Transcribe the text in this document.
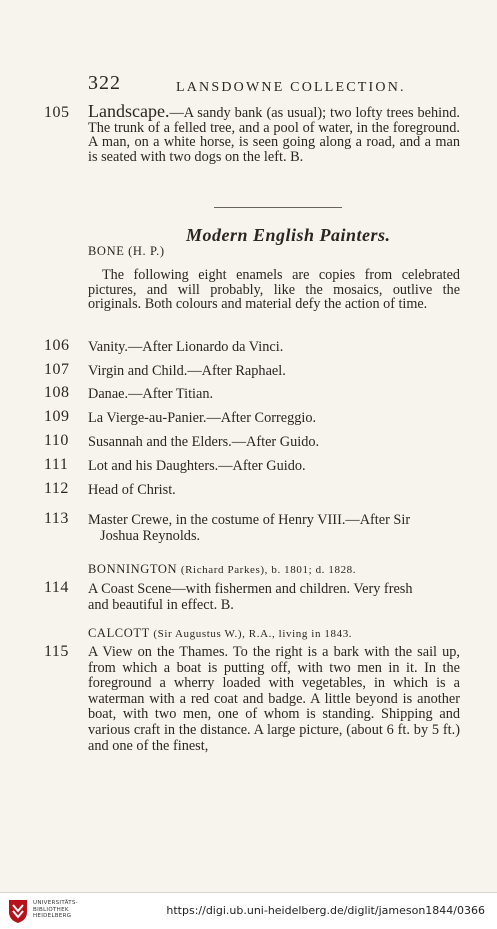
322	LANSDOWNE COLLECTION.
105 Landscape.—A sandy bank (as usual); two lofty trees behind. The trunk of a felled tree, and a pool of water, in the foreground. A man, on a white horse, is seen going along a road, and a man is seated with two dogs on the left. B.
Modern English Painters.
BONE (H. P.)
The following eight enamels are copies from celebrated pictures, and will probably, like the mosaics, outlive the originals. Both colours and material defy the action of time.
106 Vanity.—After Lionardo da Vinci.
107 Virgin and Child.—After Raphael.
108 Danae.—After Titian.
109 La Vierge-au-Panier.—After Correggio.
110 Susannah and the Elders.—After Guido.
111 Lot and his Daughters.—After Guido.
112 Head of Christ.
113 Master Crewe, in the costume of Henry VIII.—After Sir
Joshua Reynolds.
BONNINGTON (Richard Parkes), b. 1801; d. 1828.
114 A Coast Scene—with fishermen and children. Very fresh
and beautiful in effect. B.
CALCOTT (Sir Augustus W.), R.A., living in 1843.
115 A View on the Thames. To the right is a bark with the sail up, from which a boat is putting off, with two men in it. In the foreground a wherry loaded with vegetables, in which is a waterman with a red coat and badge. A little beyond is another boat, with two men, one of whom is standing. Shipping and various craft in the distance. A large picture, (about 6 ft. by 5 ft.) and one of the finest,
UNIVERSITÄTS-
BIBLIOTHEK
HEIDELBERG	https://digi.ub.uni-heidelberg.de/diglit/jameson1844/0366
